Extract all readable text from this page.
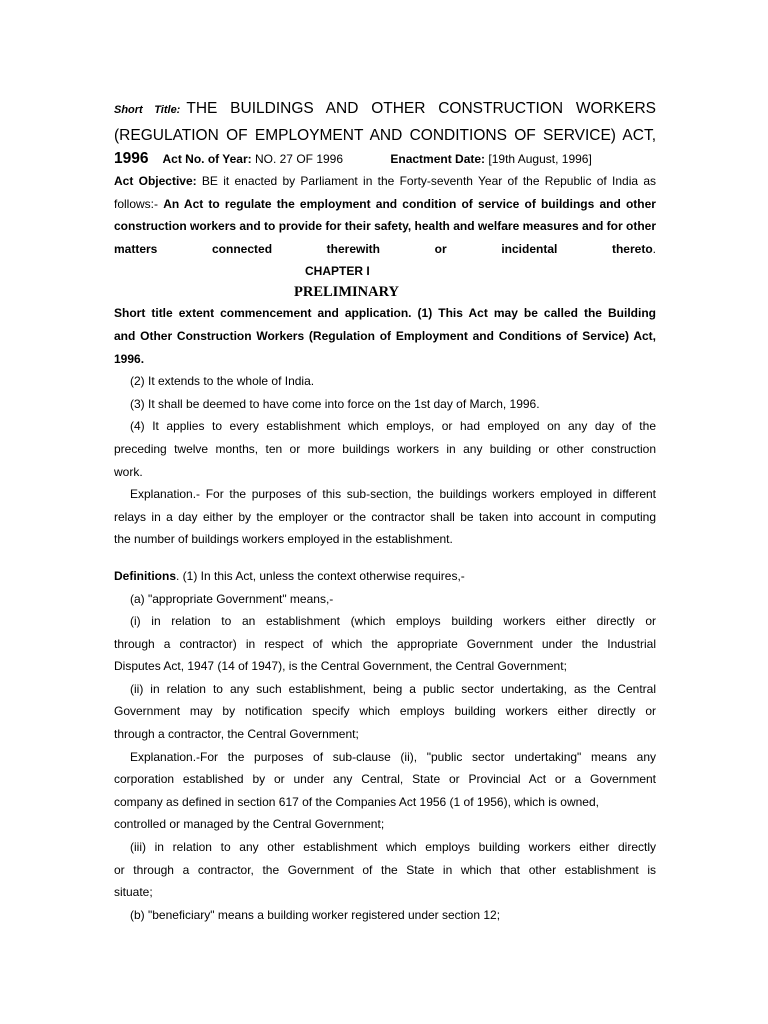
Short Title: THE BUILDINGS AND OTHER CONSTRUCTION WORKERS
(REGULATION OF EMPLOYMENT AND CONDITIONS OF SERVICE) ACT,
1996 Act No. of Year: NO. 27 OF 1996	Enactment Date: [19th August, 1996]
Act Objective: BE it enacted by Parliament in the Forty-seventh Year of the Republic of India as
follows:- An Act to regulate the employment and condition of service of buildings and other
construction workers and to provide for their safety, health and welfare measures and for other
matters connected therewith or incidental thereto.
CHAPTER I
PRELIMINARY
Short title extent commencement and application. (1) This Act may be called the Building
and Other Construction Workers (Regulation of Employment and Conditions of Service) Act,
1996.
(2) It extends to the whole of India.
(3) It shall be deemed to have come into force on the 1st day of March, 1996.
(4) It applies to every establishment which employs, or had employed on any day of the
preceding twelve months, ten or more buildings workers in any building or other construction
work.
Explanation.- For the purposes of this sub-section, the buildings workers employed in different
relays in a day either by the employer or the contractor shall be taken into account in computing
the number of buildings workers employed in the establishment.
Definitions. (1) In this Act, unless the context otherwise requires,-
(a) "appropriate Government" means,-
(i) in relation to an establishment (which employs building workers either directly or
through a contractor) in respect of which the appropriate Government under the Industrial
Disputes Act, 1947 (14 of 1947), is the Central Government, the Central Government;
(ii) in relation to any such establishment, being a public sector undertaking, as the Central
Government may by notification specify which employs building workers either directly or
through a contractor, the Central Government;
Explanation.-For the purposes of sub-clause (ii), "public sector undertaking" means any
corporation established by or under any Central, State or Provincial Act or a Government
company as defined in section 617 of the Companies Act 1956 (1 of 1956), which is owned,
controlled or managed by the Central Government;
(iii) in relation to any other establishment which employs building workers either directly
or through a contractor, the Government of the State in which that other establishment is
situate;
(b) "beneficiary" means a building worker registered under section 12;
